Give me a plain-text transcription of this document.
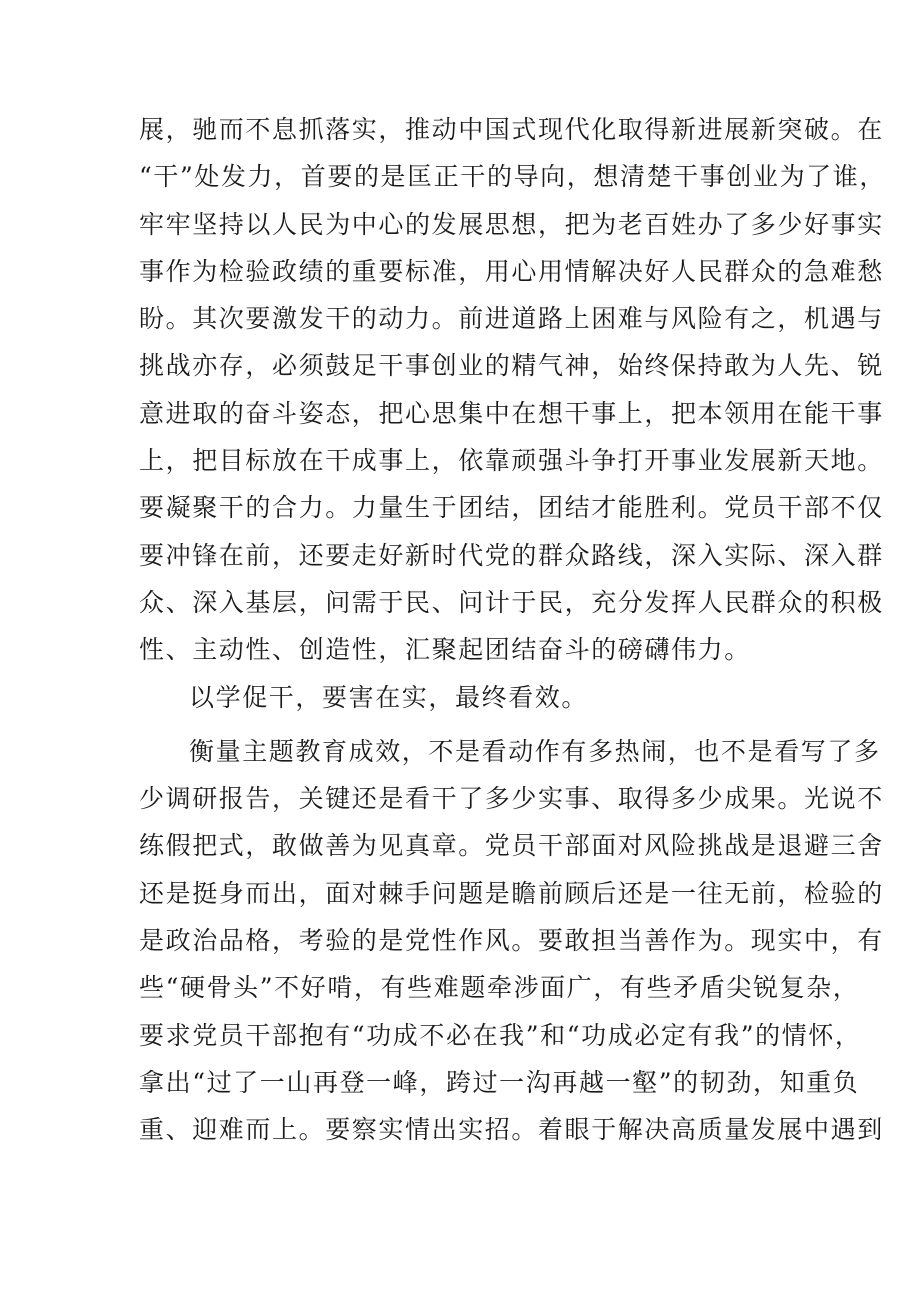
展，驰而不息抓落实，推动中国式现代化取得新进展新突破。在
“干”处发力，首要的是匡正干的导向，想清楚干事创业为了谁，
牢牢坚持以人民为中心的发展思想，把为老百姓办了多少好事实
事作为检验政绩的重要标准，用心用情解决好人民群众的急难愁
盼。其次要激发干的动力。前进道路上困难与风险有之，机遇与
挑战亦存，必须鼓足干事创业的精气神，始终保持敢为人先、锐
意进取的奋斗姿态，把心思集中在想干事上，把本领用在能干事
上，把目标放在干成事上，依靠顽强斗争打开事业发展新天地。
要凝聚干的合力。力量生于团结，团结才能胜利。党员干部不仅
要冲锋在前，还要走好新时代党的群众路线，深入实际、深入群
众、深入基层，问需于民、问计于民，充分发挥人民群众的积极
性、主动性、创造性，汇聚起团结奋斗的磅礴伟力。
以学促干，要害在实，最终看效。
衡量主题教育成效，不是看动作有多热闹，也不是看写了多
少调研报告，关键还是看干了多少实事、取得多少成果。光说不
练假把式，敢做善为见真章。党员干部面对风险挑战是退避三舍
还是挺身而出，面对棘手问题是瞻前顾后还是一往无前，检验的
是政治品格，考验的是党性作风。要敢担当善作为。现实中，有
些“硬骨头”不好啃，有些难题牵涉面广，有些矛盾尖锐复杂，
要求党员干部抱有“功成不必在我”和“功成必定有我”的情怀，
拿出“过了一山再登一峰，跨过一沟再越一壑”的韧劲，知重负
重、迎难而上。要察实情出实招。着眼于解决高质量发展中遇到
